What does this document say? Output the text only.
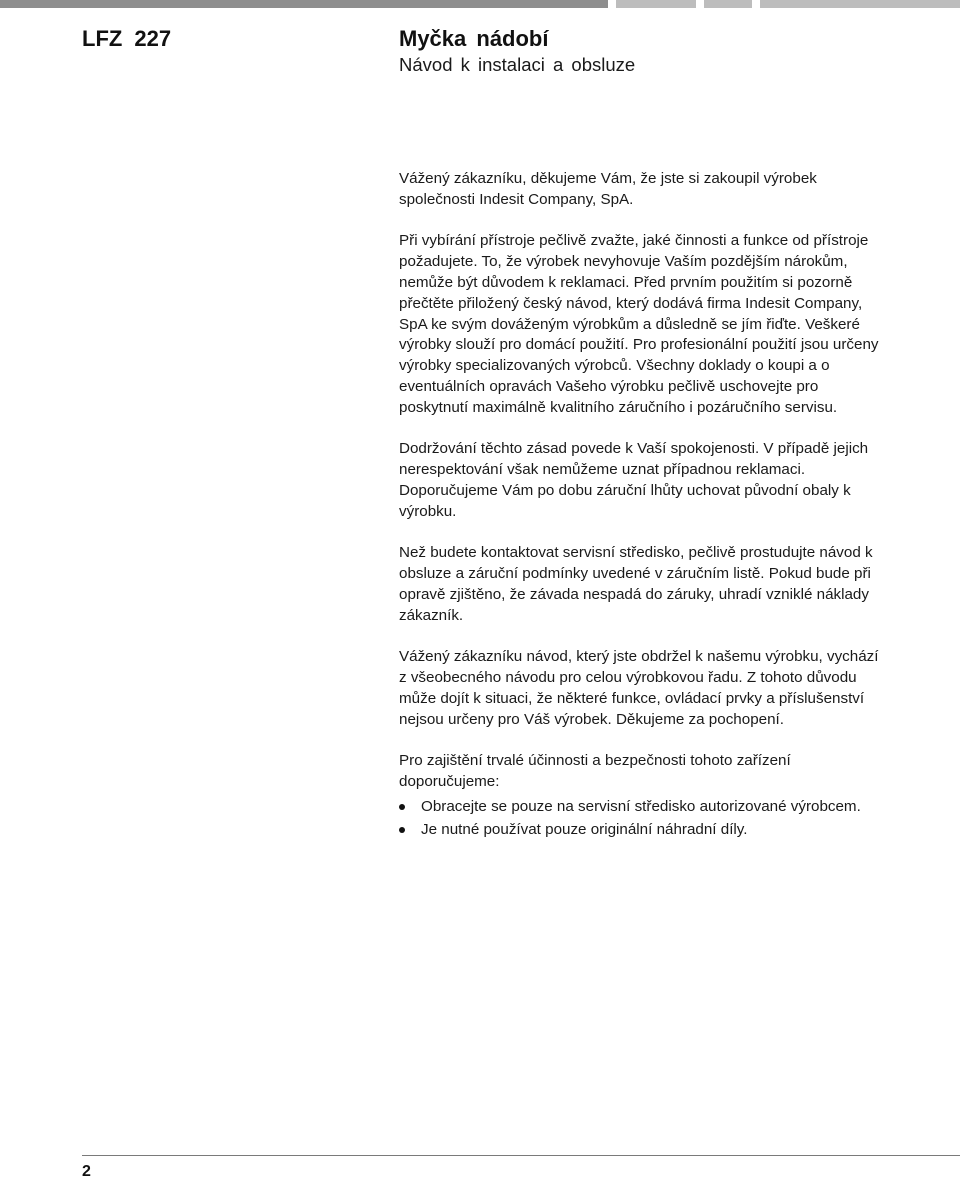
LFZ 227	Myčka nádobí
Návod k instalaci a obsluze

Vážený zákazníku, děkujeme Vám, že jste si zakoupil výrobek společnosti Indesit Company, SpA.

Při vybírání přístroje pečlivě zvažte, jaké činnosti a funkce od přístroje požadujete. To, že výrobek nevyhovuje Vaším pozdějším nárokům, nemůže být důvodem k reklamaci. Před prvním použitím si pozorně přečtěte přiložený český návod, který dodává firma Indesit Company, SpA ke svým dováženým výrobkům a důsledně se jím řiďte. Veškeré výrobky slouží pro domácí použití. Pro profesionální použití jsou určeny výrobky specializovaných výrobců. Všechny doklady o koupi a o eventuálních opravách Vašeho výrobku pečlivě uschovejte pro poskytnutí maximálně kvalitního záručního i pozáručního servisu.

Dodržování těchto zásad povede k Vaší spokojenosti. V případě jejich nerespektování však nemůžeme uznat případnou reklamaci. Doporučujeme Vám po dobu záruční lhůty uchovat původní obaly k výrobku.

Než budete kontaktovat servisní středisko, pečlivě prostudujte návod k obsluze a záruční podmínky uvedené v záručním listě. Pokud bude při opravě zjištěno, že závada nespadá do záruky, uhradí vzniklé náklady zákazník.

Vážený zákazníku návod, který jste obdržel k našemu výrobku, vychází z všeobecného návodu pro celou výrobkovou řadu. Z tohoto důvodu může dojít k situaci, že některé funkce, ovládací prvky a příslušenství nejsou určeny pro Váš výrobek. Děkujeme za pochopení.

Pro zajištění trvalé účinnosti a bezpečnosti tohoto zařízení doporučujeme:

Obracejte se pouze na servisní středisko autorizované výrobcem.
Je nutné používat pouze originální náhradní díly.
2
